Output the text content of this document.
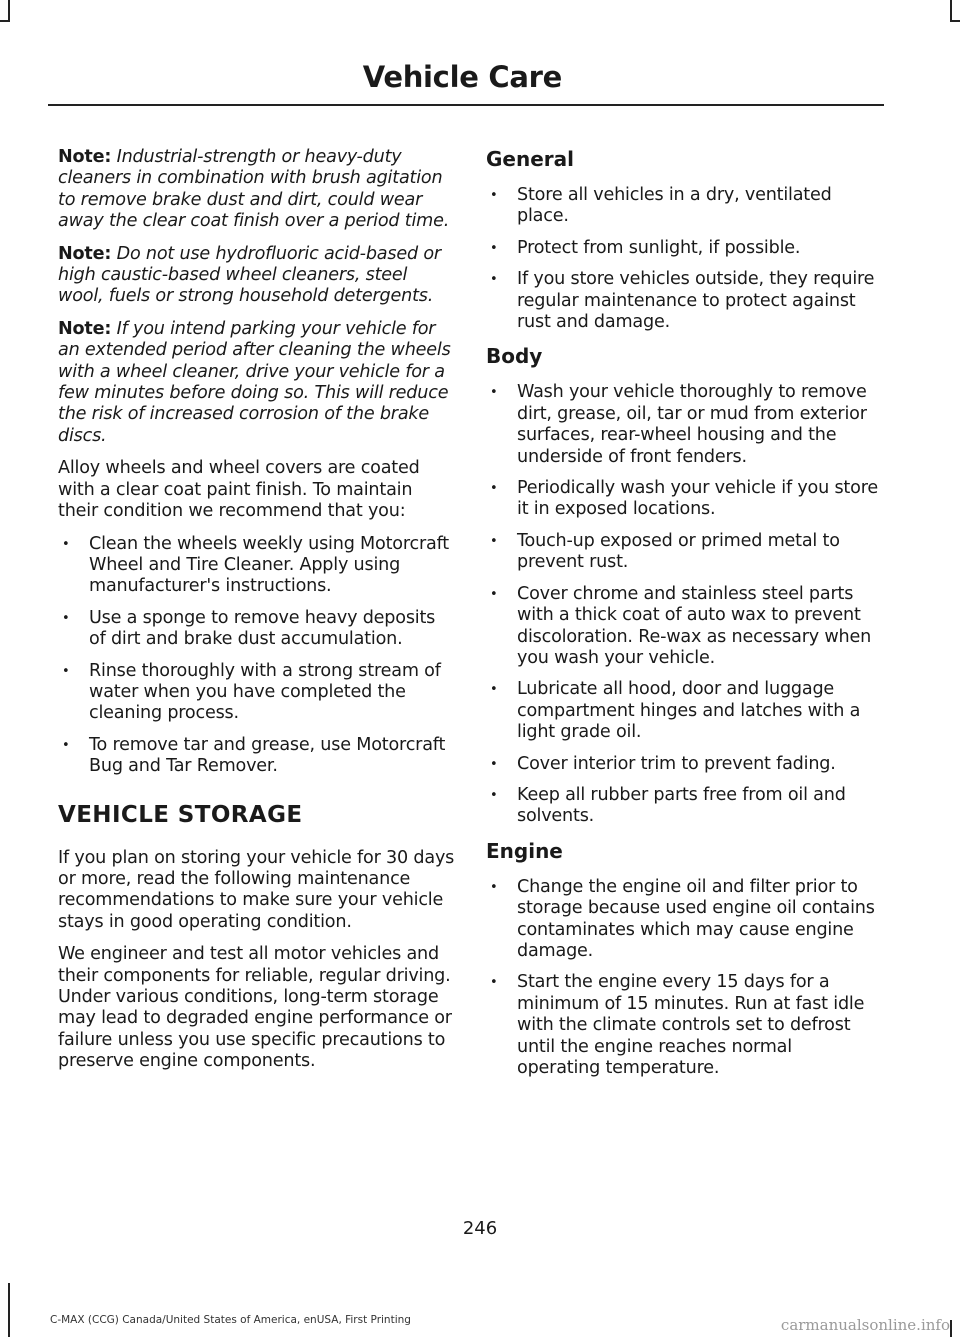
Vehicle Care

Note: Industrial-strength or heavy-duty cleaners in combination with brush agitation to remove brake dust and dirt, could wear away the clear coat finish over a period time.

Note: Do not use hydrofluoric acid-based or high caustic-based wheel cleaners, steel wool, fuels or strong household detergents.

Note: If you intend parking your vehicle for an extended period after cleaning the wheels with a wheel cleaner, drive your vehicle for a few minutes before doing so. This will reduce the risk of increased corrosion of the brake discs.

Alloy wheels and wheel covers are coated with a clear coat paint finish. To maintain their condition we recommend that you:

• Clean the wheels weekly using Motorcraft Wheel and Tire Cleaner. Apply using manufacturer's instructions.
• Use a sponge to remove heavy deposits of dirt and brake dust accumulation.
• Rinse thoroughly with a strong stream of water when you have completed the cleaning process.
• To remove tar and grease, use Motorcraft Bug and Tar Remover.
VEHICLE STORAGE

If you plan on storing your vehicle for 30 days or more, read the following maintenance recommendations to make sure your vehicle stays in good operating condition.

We engineer and test all motor vehicles and their components for reliable, regular driving. Under various conditions, long-term storage may lead to degraded engine performance or failure unless you use specific precautions to preserve engine components.

General
• Store all vehicles in a dry, ventilated place.
• Protect from sunlight, if possible.
• If you store vehicles outside, they require regular maintenance to protect against rust and damage.
Body
• Wash your vehicle thoroughly to remove dirt, grease, oil, tar or mud from exterior surfaces, rear-wheel housing and the underside of front fenders.
• Periodically wash your vehicle if you store it in exposed locations.
• Touch-up exposed or primed metal to prevent rust.
• Cover chrome and stainless steel parts with a thick coat of auto wax to prevent discoloration. Re-wax as necessary when you wash your vehicle.
• Lubricate all hood, door and luggage compartment hinges and latches with a light grade oil.
• Cover interior trim to prevent fading.
• Keep all rubber parts free from oil and solvents.
Engine
• Change the engine oil and filter prior to storage because used engine oil contains contaminates which may cause engine damage.
• Start the engine every 15 days for a minimum of 15 minutes. Run at fast idle with the climate controls set to defrost until the engine reaches normal operating temperature.
246
C-MAX (CCG) Canada/United States of America, enUSA, First Printing	carmanualsonline.info
